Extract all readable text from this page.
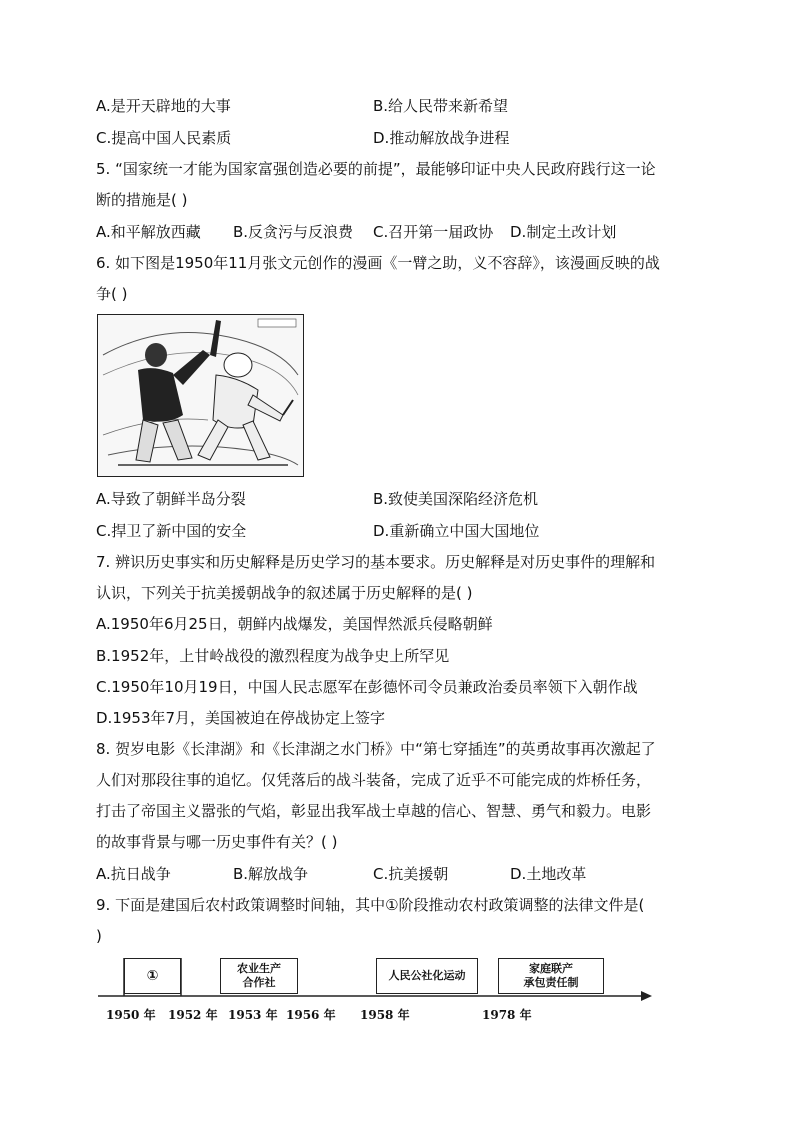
A.是开天辟地的大事	B.给人民带来新希望
C.提高中国人民素质	D.推动解放战争进程
5. “国家统一才能为国家富强创造必要的前提”，最能够印证中央人民政府践行这一论
断的措施是( )
A.和平解放西藏 B.反贪污与反浪费 C.召开第一届政协 D.制定土改计划
6. 如下图是1950年11月张文元创作的漫画《一臂之助，义不容辞》，该漫画反映的战
争( )
A.导致了朝鲜半岛分裂	B.致使美国深陷经济危机
C.捍卫了新中国的安全	D.重新确立中国大国地位
7. 辨识历史事实和历史解释是历史学习的基本要求。历史解释是对历史事件的理解和
认识，下列关于抗美援朝战争的叙述属于历史解释的是( )
A.1950年6月25日，朝鲜内战爆发，美国悍然派兵侵略朝鲜
B.1952年，上甘岭战役的激烈程度为战争史上所罕见
C.1950年10月19日，中国人民志愿军在彭德怀司令员兼政治委员率领下入朝作战
D.1953年7月，美国被迫在停战协定上签字
8. 贺岁电影《长津湖》和《长津湖之水门桥》中“第七穿插连”的英勇故事再次激起了
人们对那段往事的追忆。仅凭落后的战斗装备，完成了近乎不可能完成的炸桥任务，
打击了帝国主义嚣张的气焰，彰显出我军战士卓越的信心、智慧、勇气和毅力。电影
的故事背景与哪一历史事件有关？( )
A.抗日战争	B.解放战争	C.抗美援朝	D.土地改革
9. 下面是建国后农村政策调整时间轴，其中①阶段推动农村政策调整的法律文件是(
)
①	农业生产
合作社
人民公社化运动
家庭联产
承包责任制
1950 年 1952 年 1953 年 1956 年 1958 年	1978 年
